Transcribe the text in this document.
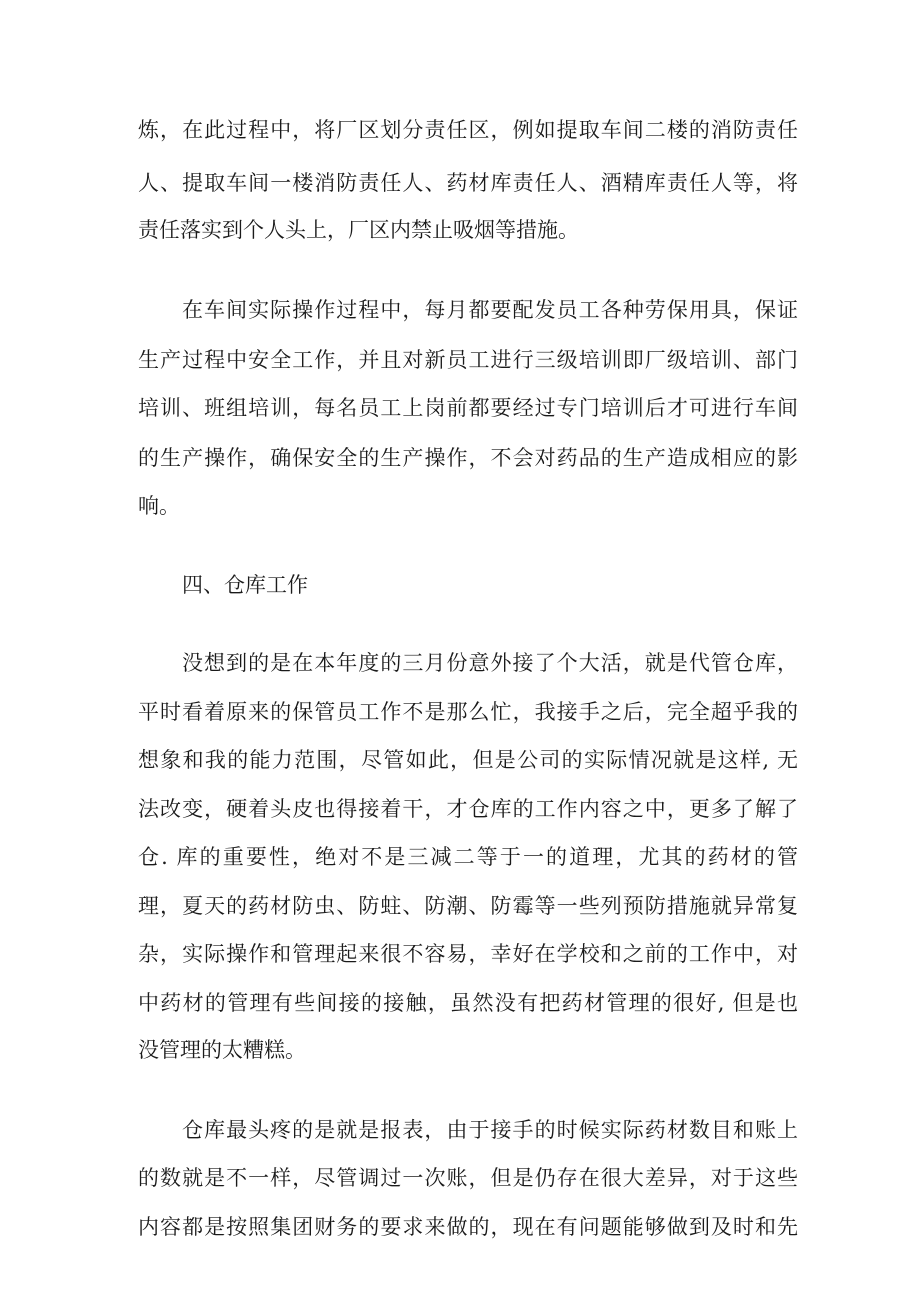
炼，在此过程中，将厂区划分责任区，例如提取车间二楼的消防责任
人、提取车间一楼消防责任人、药材库责任人、酒精库责任人等，将
责任落实到个人头上，厂区内禁止吸烟等措施。
在车间实际操作过程中，每月都要配发员工各种劳保用具，保证
生产过程中安全工作，并且对新员工进行三级培训即厂级培训、部门
培训、班组培训，每名员工上岗前都要经过专门培训后才可进行车间
的生产操作，确保安全的生产操作，不会对药品的生产造成相应的影
响。
四、仓库工作
没想到的是在本年度的三月份意外接了个大活，就是代管仓库，
平时看着原来的保管员工作不是那么忙，我接手之后，完全超乎我的
想象和我的能力范围，尽管如此，但是公司的实际情况就是这样, 无
法改变，硬着头皮也得接着干，才仓库的工作内容之中，更多了解了
仓. 库的重要性，绝对不是三减二等于一的道理，尤其的药材的管
理，夏天的药材防虫、防蛀、防潮、防霉等一些列预防措施就异常复
杂，实际操作和管理起来很不容易，幸好在学校和之前的工作中，对
中药材的管理有些间接的接触，虽然没有把药材管理的很好, 但是也
没管理的太糟糕。
仓库最头疼的是就是报表，由于接手的时候实际药材数目和账上
的数就是不一样，尽管调过一次账，但是仍存在很大差异，对于这些
内容都是按照集团财务的要求来做的，现在有问题能够做到及时和先
